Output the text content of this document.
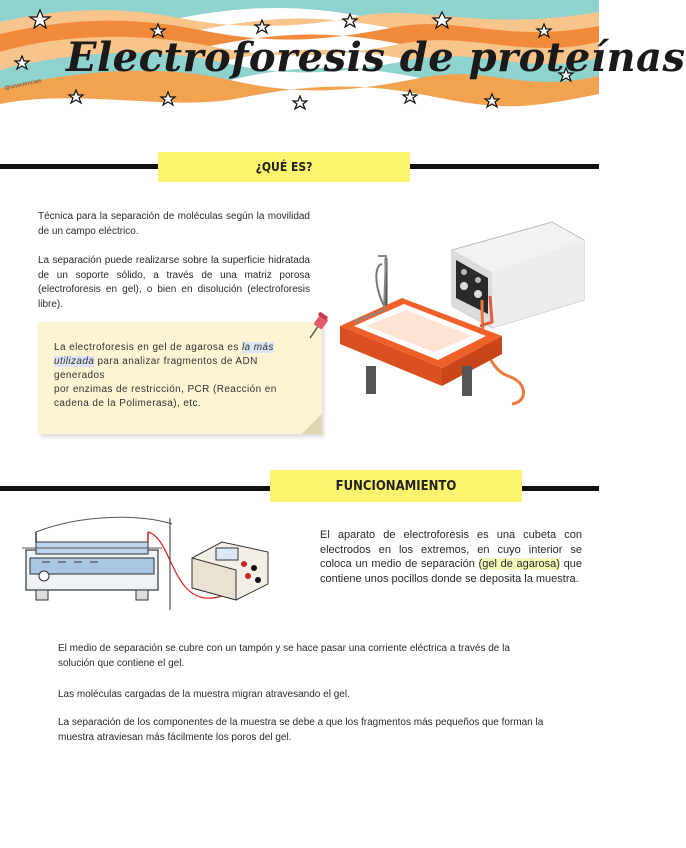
Electroforesis de proteínas
@unociencias
¿QUÉ ES?

Técnica para la separación de moléculas según la movilidad de un campo eléctrico.

La separación puede realizarse sobre la superficie hidratada de un soporte sólido, a través de una matriz porosa (electroforesis en gel), o bien en disolución (electroforesis libre).

La electroforesis en gel de agarosa es la más utilizada para analizar fragmentos de ADN generados
por enzimas de restricción, PCR (Reacción en cadena de la Polimerasa), etc.
FUNCIONAMIENTO

El aparato de electroforesis es una cubeta con electrodos en los extremos, en cuyo interior se coloca un medio de separación (gel de agarosa) que contiene unos pocillos donde se deposita la muestra.

El medio de separación se cubre con un tampón y se hace pasar una corriente eléctrica a través de la solución que contiene el gel.

Las moléculas cargadas de la muestra migran atravesando el gel.

La separación de los componentes de la muestra se debe a que los fragmentos más pequeños que forman la muestra atraviesan más fácilmente los poros del gel.
